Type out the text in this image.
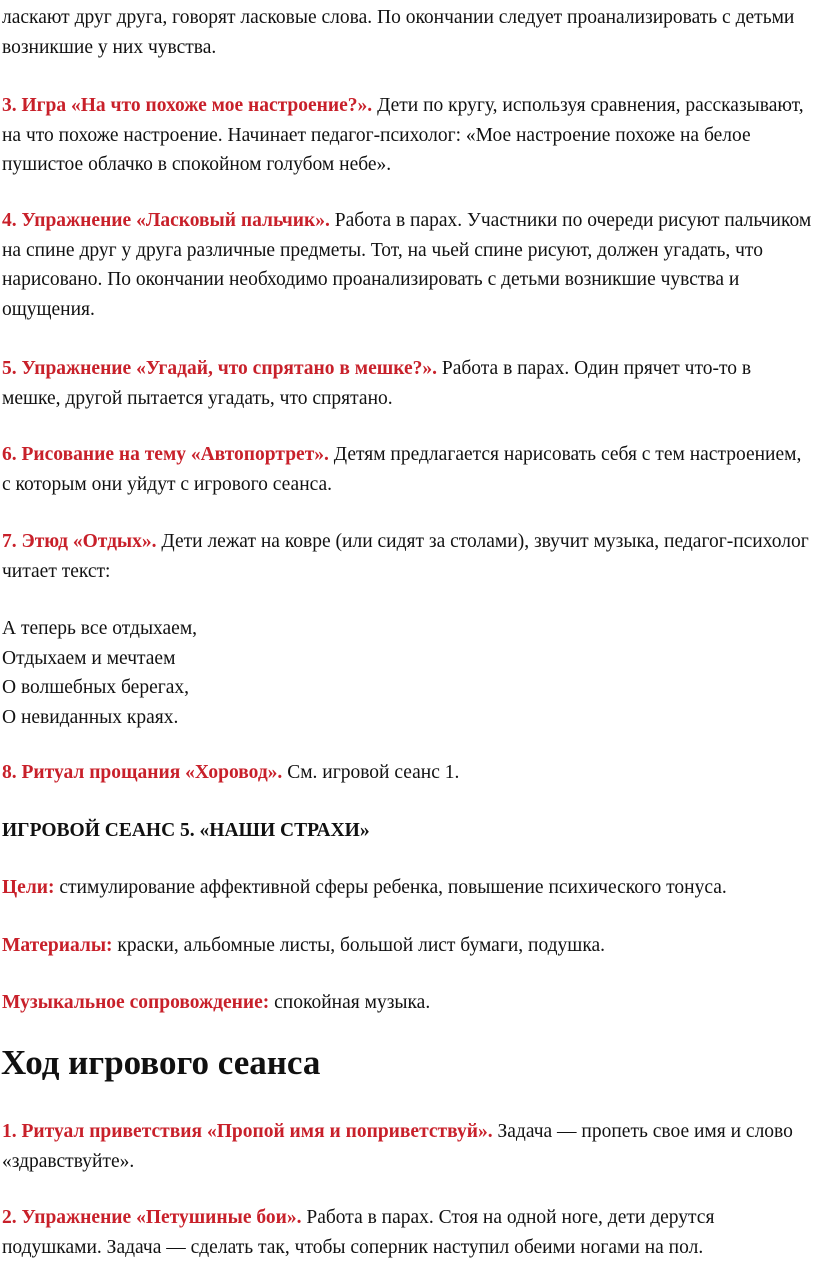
ласкают друг друга, говорят ласковые слова. По окончании следует проанализировать с детьми возникшие у них чувства.
3. Игра «На что похоже мое настроение?». Дети по кругу, используя сравнения, рассказывают, на что похоже настроение. Начинает педагог-психолог: «Мое настроение похоже на белое пушистое облачко в спокойном голубом небе».
4. Упражнение «Ласковый пальчик». Работа в парах. Участники по очереди рисуют пальчиком на спине друг у друга различные предметы. Тот, на чьей спине рисуют, должен угадать, что нарисовано. По окончании необходимо проанализировать с детьми возникшие чувства и ощущения.
5. Упражнение «Угадай, что спрятано в мешке?». Работа в парах. Один прячет что-то в мешке, другой пытается угадать, что спрятано.
6. Рисование на тему «Автопортрет». Детям предлагается нарисовать себя с тем настроением, с которым они уйдут с игрового сеанса.
7. Этюд «Отдых». Дети лежат на ковре (или сидят за столами), звучит музыка, педагог-психолог читает текст:
А теперь все отдыхаем,
Отдыхаем и мечтаем
О волшебных берегах,
О невиданных краях.
8. Ритуал прощания «Хоровод». См. игровой сеанс 1.
ИГРОВОЙ СЕАНС 5. «НАШИ СТРАХИ»
Цели: стимулирование аффективной сферы ребенка, повышение психического тонуса.
Материалы: краски, альбомные листы, большой лист бумаги, подушка.
Музыкальное сопровождение: спокойная музыка.
Ход игрового сеанса
1. Ритуал приветствия «Пропой имя и поприветствуй». Задача — пропеть свое имя и слово «здравствуйте».
2. Упражнение «Петушиные бои». Работа в парах. Стоя на одной ноге, дети дерутся подушками. Задача — сделать так, чтобы соперник наступил обеими ногами на пол.
